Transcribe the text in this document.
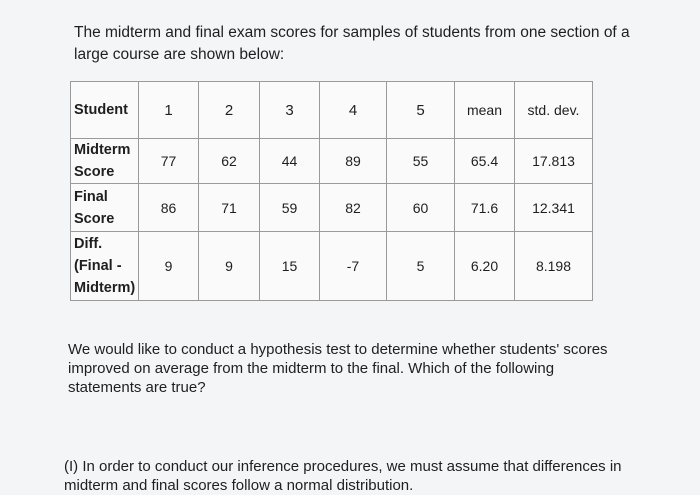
The midterm and final exam scores for samples of students from one section of a
large course are shown below:
Student	1	2	3	4	5	mean	std. dev.

Midterm
Score	77	62	44	89	55	65.4	17.813

Final
Score	86	71	59	82	60	71.6	12.341

Diff.
(Final -
Midterm)	9	9	15	-7	5	6.20	8.198
We would like to conduct a hypothesis test to determine whether students' scores
improved on average from the midterm to the final. Which of the following
statements are true?
(I) In order to conduct our inference procedures, we must assume that differences in
midterm and final scores follow a normal distribution.
